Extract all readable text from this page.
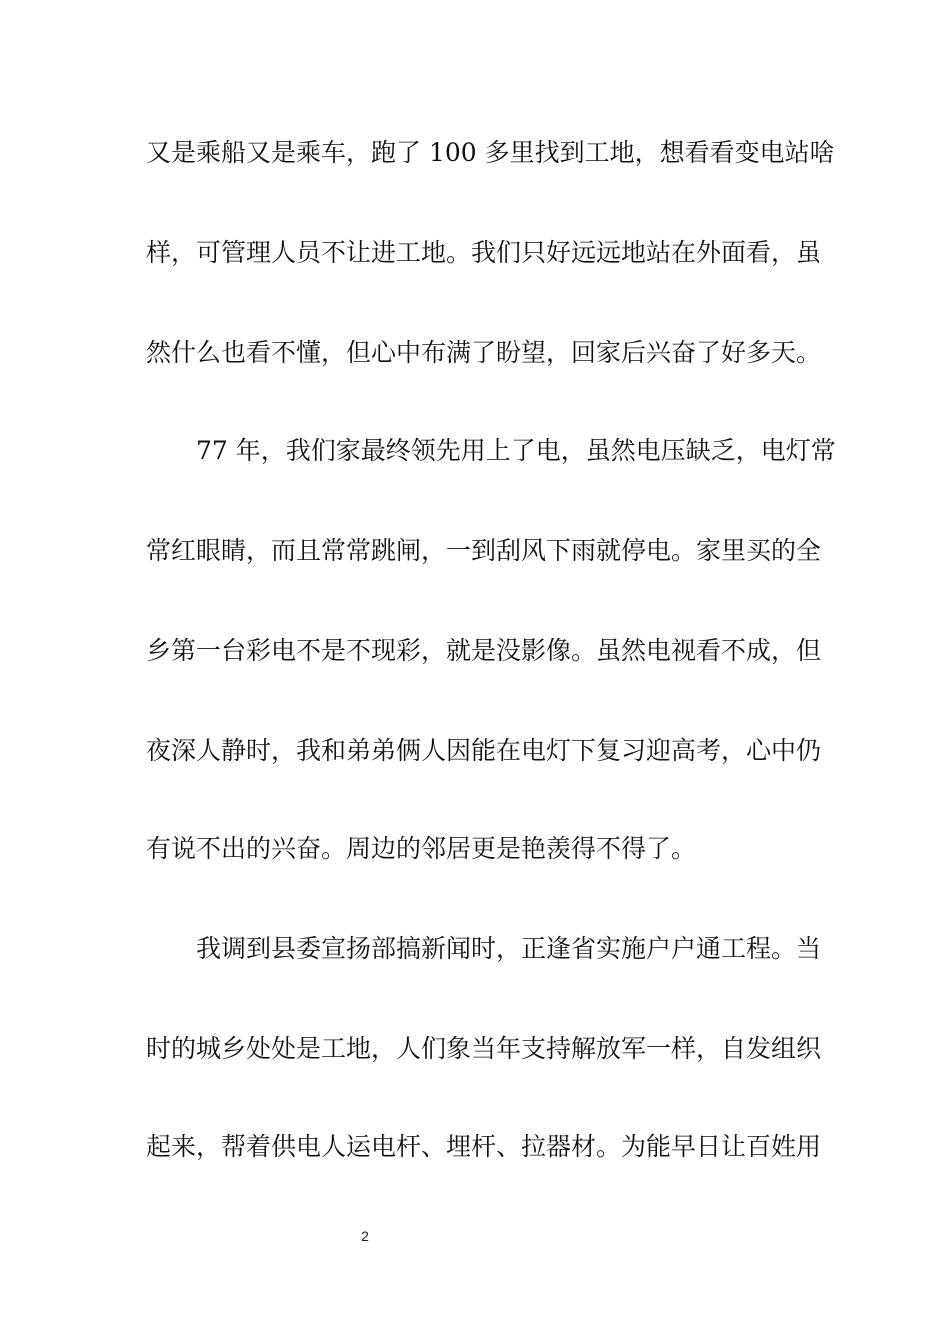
又是乘船又是乘车，跑了 100 多里找到工地，想看看变电站啥
样，可管理人员不让进工地。我们只好远远地站在外面看，虽
然什么也看不懂，但心中布满了盼望，回家后兴奋了好多天。
77 年，我们家最终领先用上了电，虽然电压缺乏，电灯常
常红眼睛，而且常常跳闸，一到刮风下雨就停电。家里买的全
乡第一台彩电不是不现彩，就是没影像。虽然电视看不成，但
夜深人静时，我和弟弟俩人因能在电灯下复习迎高考，心中仍
有说不出的兴奋。周边的邻居更是艳羡得不得了。
我调到县委宣扬部搞新闻时，正逢省实施户户通工程。当
时的城乡处处是工地，人们象当年支持解放军一样，自发组织
起来，帮着供电人运电杆、埋杆、拉器材。为能早日让百姓用
2
